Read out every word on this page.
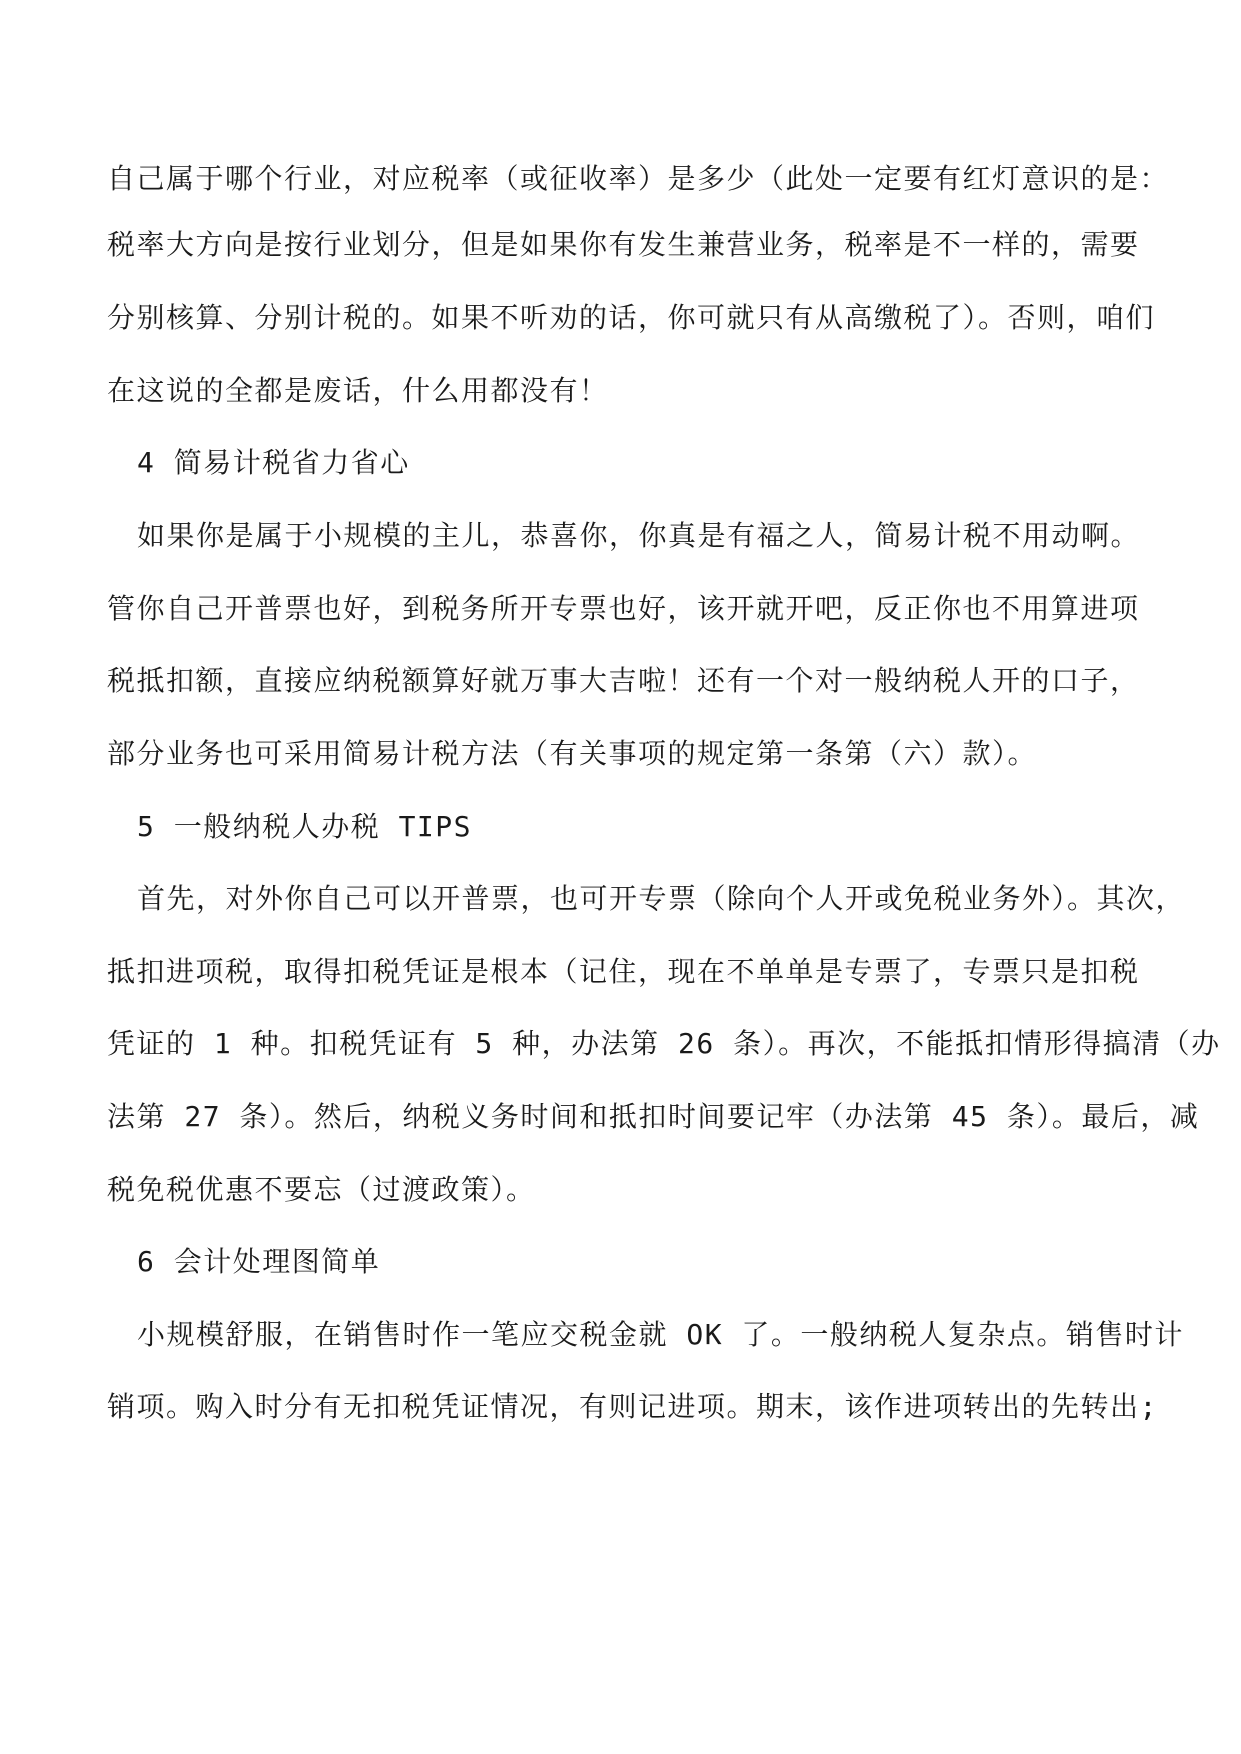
自己属于哪个行业，对应税率（或征收率）是多少（此处一定要有红灯意识的是：
税率大方向是按行业划分，但是如果你有发生兼营业务，税率是不一样的，需要
分别核算、分别计税的。如果不听劝的话，你可就只有从高缴税了）。否则，咱们
在这说的全都是废话，什么用都没有！
4 简易计税省力省心
如果你是属于小规模的主儿，恭喜你，你真是有福之人，简易计税不用动啊。
管你自己开普票也好，到税务所开专票也好，该开就开吧，反正你也不用算进项
税抵扣额，直接应纳税额算好就万事大吉啦！还有一个对一般纳税人开的口子，
部分业务也可采用简易计税方法（有关事项的规定第一条第（六）款）。
5 一般纳税人办税 TIPS
首先，对外你自己可以开普票，也可开专票（除向个人开或免税业务外）。其次，
抵扣进项税，取得扣税凭证是根本（记住，现在不单单是专票了，专票只是扣税
凭证的 1 种。扣税凭证有 5 种，办法第 26 条）。再次，不能抵扣情形得搞清（办
法第 27 条）。然后，纳税义务时间和抵扣时间要记牢（办法第 45 条）。最后，减
税免税优惠不要忘（过渡政策）。
6 会计处理图简单
小规模舒服，在销售时作一笔应交税金就 OK 了。一般纳税人复杂点。销售时计
销项。购入时分有无扣税凭证情况，有则记进项。期末，该作进项转出的先转出;
